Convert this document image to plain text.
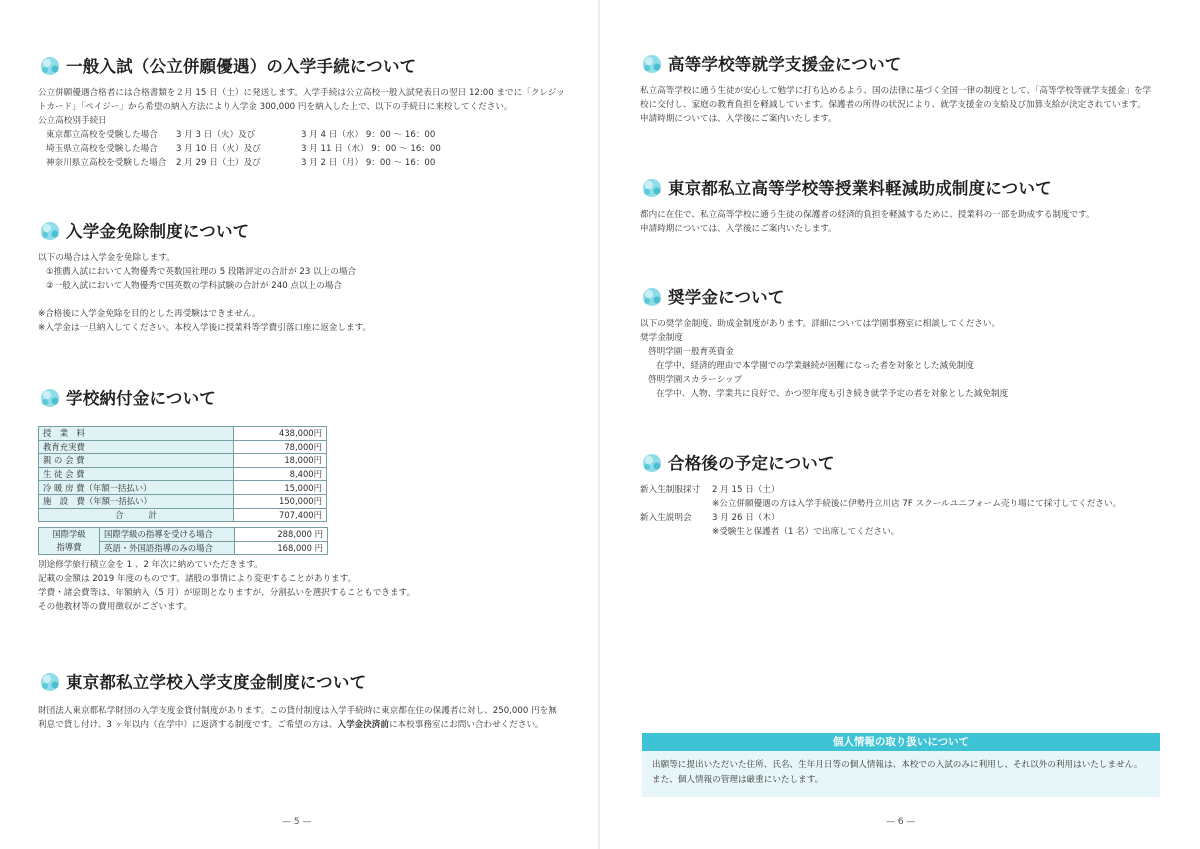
一般入試（公立併願優遇）の入学手続について

公立併願優遇合格者には合格書類を２月 15 日（土）に発送します。入学手続は公立高校一般入試発表日の翌日 12:00 までに「クレジッ

トカード」「ペイジー」から希望の納入方法により入学金 300,000 円を納入した上で、以下の手続日に来校してください。

公立高校別手続日

東京都立高校を受験した場合	3 月 3 日（火）及び	3 月 4 日（水） 9：00 〜 16：00
埼玉県立高校を受験した場合	3 月 10 日（火）及び	3 月 11 日（水） 9：00 〜 16：00
神奈川県立高校を受験した場合	2 月 29 日（土）及び	3 月 2 日（月） 9：00 〜 16：00
入学金免除制度について

以下の場合は入学金を免除します。

①推薦入試において人物優秀で英数国社理の 5 段階評定の合計が 23 以上の場合

②一般入試において人物優秀で国英数の学科試験の合計が 240 点以上の場合

※合格後に入学金免除を目的とした再受験はできません。

※入学金は一旦納入してください。本校入学後に授業料等学費引落口座に返金します。

学校納付金について
授　業　料	438,000円
教育充実費	78,000円
親 の 会 費	18,000円
生 徒 会 費	8,400円
冷 暖 房 費（年額一括払い）	15,000円
施　設　費（年額一括払い）	150,000円
合　　　計	707,400円
国際学級
指導費	国際学級の指導を受ける場合	288,000 円
	英語・外国語指導のみの場合	168,000 円

別途修学旅行積立金を 1 、2 年次に納めていただきます。

記載の金額は 2019 年度のものです。諸般の事情により変更することがあります。

学費・諸会費等は、年額納入（5 月）が原則となりますが、分割払いを選択することもできます。

その他教材等の費用徴収がございます。

東京都私立学校入学支度金制度について

財団法人東京都私学財団の入学支度金貸付制度があります。この貸付制度は入学手続時に東京都在住の保護者に対し、250,000 円を無

利息で貸し付け、3 ヶ年以内（在学中）に返済する制度です。ご希望の方は、入学金決済前に本校事務室にお問い合わせください。

— 5 —
高等学校等就学支援金について

私立高等学校に通う生徒が安心して勉学に打ち込めるよう、国の法律に基づく全国一律の制度として、「高等学校等就学支援金」を学

校に交付し、家庭の教育負担を軽減しています。保護者の所得の状況により、就学支援金の支給及び加算支給が決定されています。

申請時期については、入学後にご案内いたします。

東京都私立高等学校等授業料軽減助成制度について

都内に在住で、私立高等学校に通う生徒の保護者の経済的負担を軽減するために、授業料の一部を助成する制度です。

申請時期については、入学後にご案内いたします。

奨学金について

以下の奨学金制度、助成金制度があります。詳細については学園事務室に相談してください。

奨学金制度

啓明学園一般育英資金

在学中、経済的理由で本学園での学業継続が困難になった者を対象とした減免制度

啓明学園スカラーシップ

在学中、人物、学業共に良好で、かつ翌年度も引き続き就学予定の者を対象とした減免制度

合格後の予定について

新入生制服採寸 2 月 15 日（土）

※公立併願優遇の方は入学手続後に伊勢丹立川店 7F スクールユニフォーム売り場にて採寸してください。

新入生説明会 3 月 26 日（木）

※受験生と保護者（1 名）で出席してください。

個人情報の取り扱いについて

出願等に提出いただいた住所、氏名、生年月日等の個人情報は、本校での入試のみに利用し、それ以外の利用はいたしません。

また、個人情報の管理は厳重にいたします。

— 6 —
